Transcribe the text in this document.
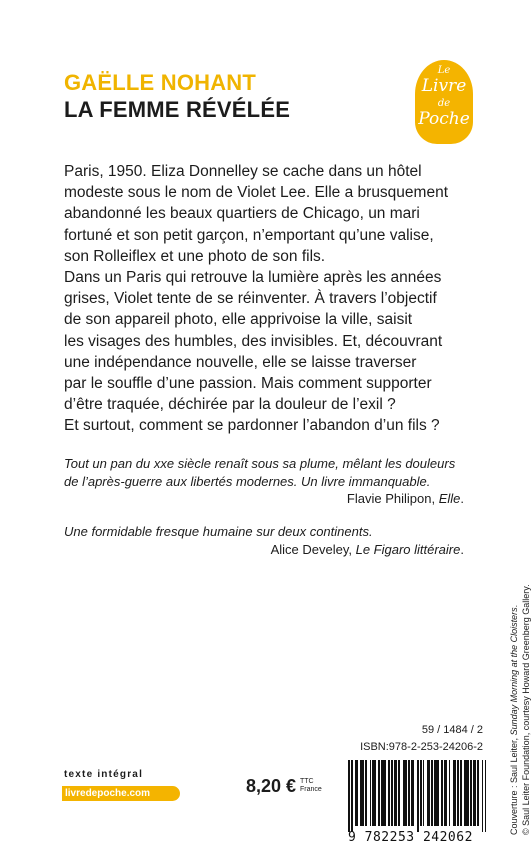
GAËLLE NOHANT
LA FEMME RÉVÉLÉE
Le
Livre
de
Poche

Paris, 1950. Eliza Donnelley se cache dans un hôtel

modeste sous le nom de Violet Lee. Elle a brusquement

abandonné les beaux quartiers de Chicago, un mari

fortuné et son petit garçon, n’emportant qu’une valise,

son Rolleiflex et une photo de son fils.

Dans un Paris qui retrouve la lumière après les années

grises, Violet tente de se réinventer. À travers l’objectif

de son appareil photo, elle apprivoise la ville, saisit

les visages des humbles, des invisibles. Et, découvrant

une indépendance nouvelle, elle se laisse traverser

par le souffle d’une passion. Mais comment supporter

d’être traquée, déchirée par la douleur de l’exil ?

Et surtout, comment se pardonner l’abandon d’un fils ?

Tout un pan du xxe siècle renaît sous sa plume, mêlant les douleurs
de l’après-guerre aux libertés modernes. Un livre immanquable.
Flavie Philipon, Elle.
Une formidable fresque humaine sur deux continents.
Alice Develey, Le Figaro littéraire.
Couverture : Saul Leiter, Sunday Morning at the Cloisters. © Saul Leiter Foundation, courtesy Howard Greenberg Gallery.
59 / 1484 / 2
ISBN:978-2-253-24206-2
texte intégral
livredepoche.com	8,20 € TTC
France
9 782253 242062
